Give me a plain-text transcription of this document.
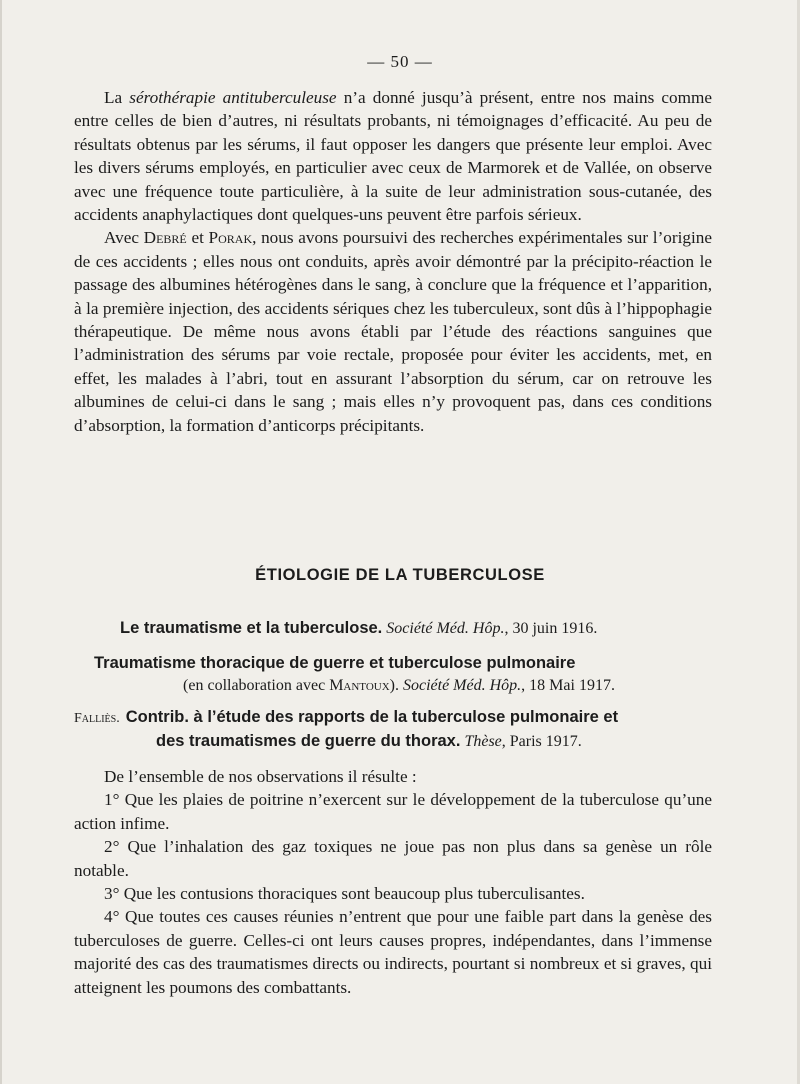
— 50 —

La sérothérapie antituberculeuse n’a donné jusqu’à présent, entre nos mains comme entre celles de bien d’autres, ni résultats probants, ni témoignages d’efficacité. Au peu de résultats obtenus par les sérums, il faut opposer les dangers que présente leur emploi. Avec les divers sérums employés, en particulier avec ceux de Marmorek et de Vallée, on observe avec une fréquence toute particulière, à la suite de leur administration sous-cutanée, des accidents anaphylactiques dont quelques-uns peuvent être parfois sérieux.

Avec Debré et Porak, nous avons poursuivi des recherches expérimentales sur l’origine de ces accidents ; elles nous ont conduits, après avoir démontré par la précipito-réaction le passage des albumines hétérogènes dans le sang, à conclure que la fréquence et l’apparition, à la première injection, des accidents sériques chez les tuberculeux, sont dûs à l’hippophagie thérapeutique. De même nous avons établi par l’étude des réactions sanguines que l’administration des sérums par voie rectale, proposée pour éviter les accidents, met, en effet, les malades à l’abri, tout en assurant l’absorption du sérum, car on retrouve les albumines de celui-ci dans le sang ; mais elles n’y provoquent pas, dans ces conditions d’absorption, la formation d’anticorps précipitants.

ÉTIOLOGIE DE LA TUBERCULOSE
Le traumatisme et la tuberculose. Société Méd. Hôp., 30 juin 1916.
Traumatisme thoracique de guerre et tuberculose pulmonaire
(en collaboration avec Mantoux). Société Méd. Hôp., 18 Mai 1917.
Falliès. Contrib. à l’étude des rapports de la tuberculose pulmonaire et
des traumatismes de guerre du thorax. Thèse, Paris 1917.

De l’ensemble de nos observations il résulte :

1° Que les plaies de poitrine n’exercent sur le développement de la tuberculose qu’une action infime.

2° Que l’inhalation des gaz toxiques ne joue pas non plus dans sa genèse un rôle notable.

3° Que les contusions thoraciques sont beaucoup plus tuberculisantes.

4° Que toutes ces causes réunies n’entrent que pour une faible part dans la genèse des tuberculoses de guerre. Celles-ci ont leurs causes propres, indépendantes, dans l’immense majorité des cas des traumatismes directs ou indirects, pourtant si nombreux et si graves, qui atteignent les poumons des combattants.
